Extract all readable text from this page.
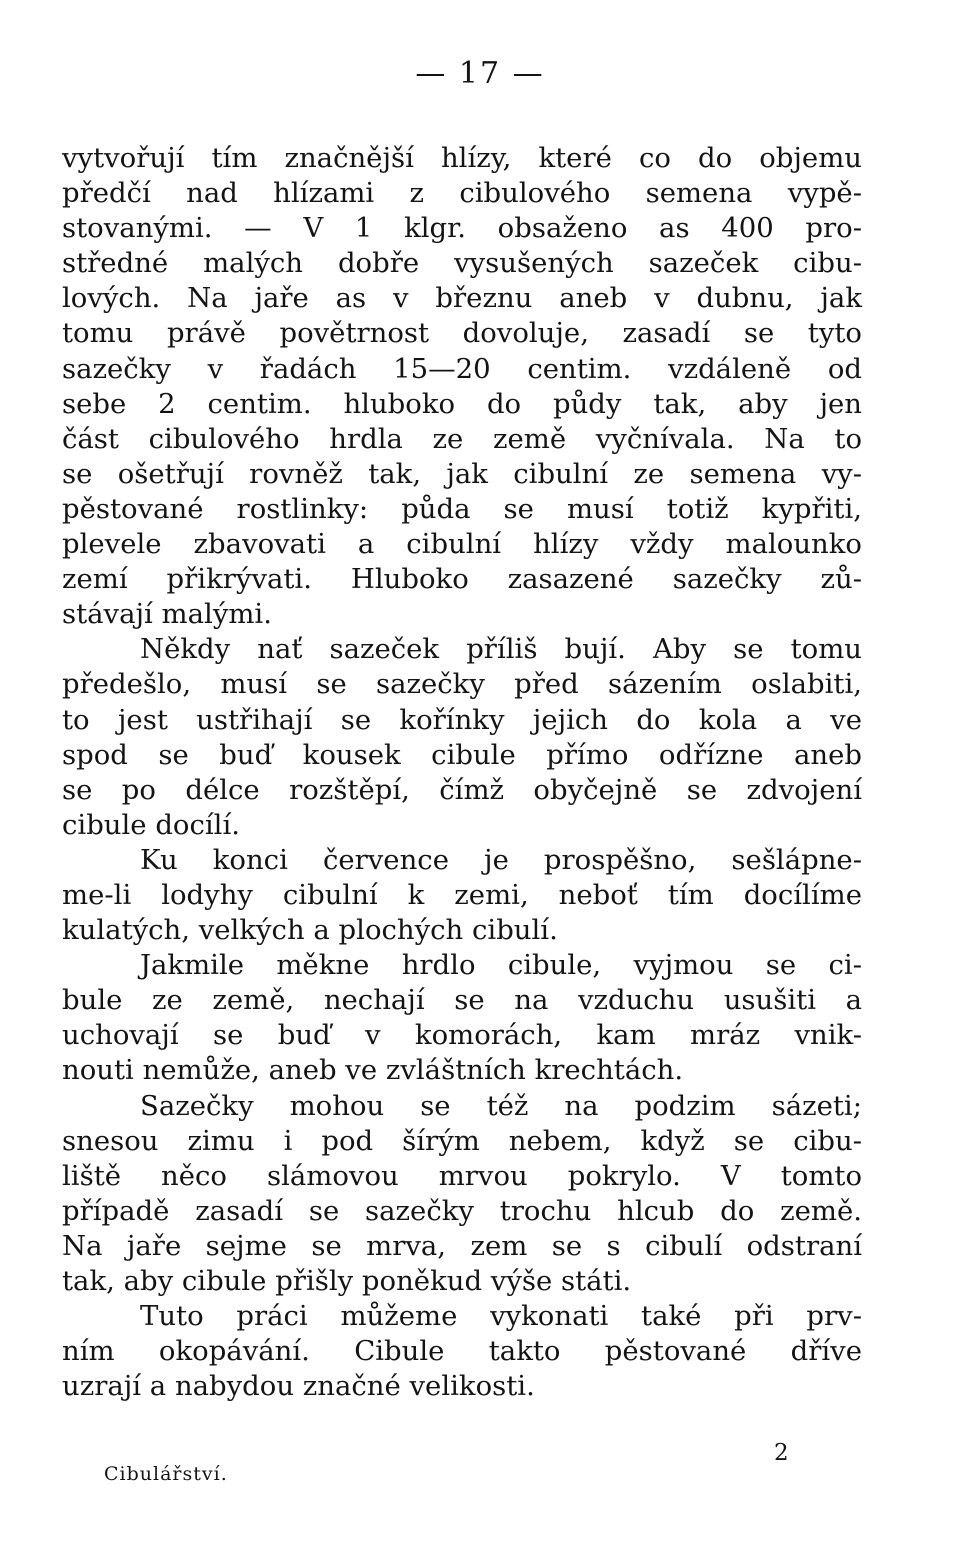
— 17 —
vytvořují tím značnější hlízy, které co do objemu
předčí nad hlízami z cibulového semena vypě-
stovanými. — V 1 klgr. obsaženo as 400 pro-
středné malých dobře vysušených sazeček cibu-
lových. Na jaře as v březnu aneb v dubnu, jak
tomu právě povětrnost dovoluje, zasadí se tyto
sazečky v řadách 15—20 centim. vzdáleně od
sebe 2 centim. hluboko do půdy tak, aby jen
část cibulového hrdla ze země vyčnívala. Na to
se ošetřují rovněž tak, jak cibulní ze semena vy-
pěstované rostlinky: půda se musí totiž kypřiti,
plevele zbavovati a cibulní hlízy vždy malounko
zemí přikrývati. Hluboko zasazené sazečky zů-
stávají malými.
Někdy nať sazeček příliš bují. Aby se tomu
předešlo, musí se sazečky před sázením oslabiti,
to jest ustřihají se kořínky jejich do kola a ve
spod se buď kousek cibule přímo odřízne aneb
se po délce rozštěpí, čímž obyčejně se zdvojení
cibule docílí.
Ku konci července je prospěšno, sešlápne-
me-li lodyhy cibulní k zemi, neboť tím docílíme
kulatých, velkých a plochých cibulí.
Jakmile měkne hrdlo cibule, vyjmou se ci-
bule ze země, nechají se na vzduchu usušiti a
uchovají se buď v komorách, kam mráz vnik-
nouti nemůže, aneb ve zvláštních krechtách.
Sazečky mohou se též na podzim sázeti;
snesou zimu i pod šírým nebem, když se cibu-
liště něco slámovou mrvou pokrylo. V tomto
případě zasadí se sazečky trochu hlcub do země.
Na jaře sejme se mrva, zem se s cibulí odstraní
tak, aby cibule přišly poněkud výše státi.
Tuto práci můžeme vykonati také při prv-
ním okopávání. Cibule takto pěstované dříve
uzrají a nabydou značné velikosti.
Cibulářství.
2
